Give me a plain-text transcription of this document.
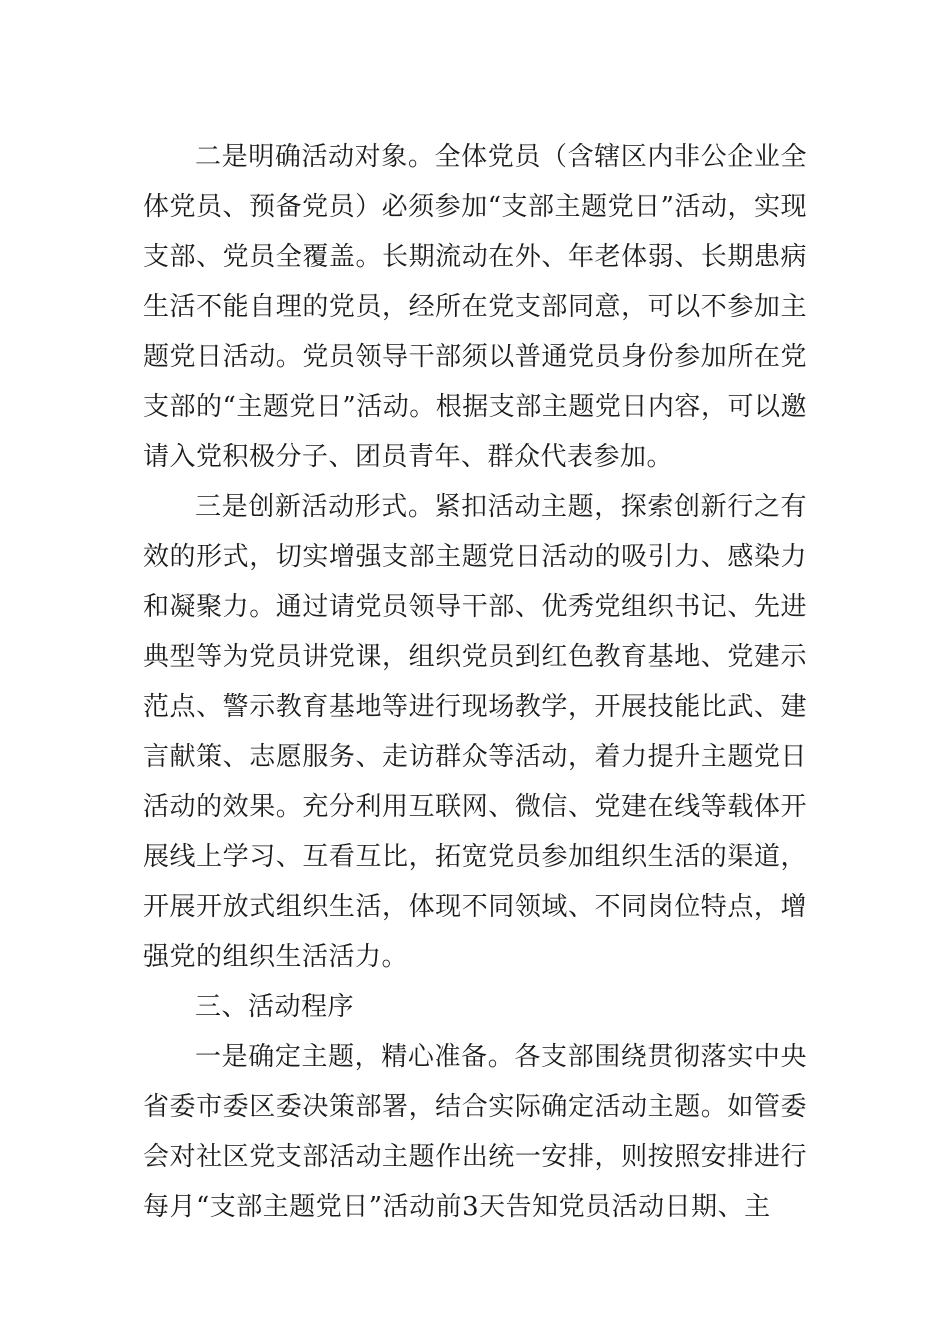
二是明确活动对象。全体党员（含辖区内非公企业全体党员、预备党员）必须参加“支部主题党日”活动，实现支部、党员全覆盖。长期流动在外、年老体弱、长期患病生活不能自理的党员，经所在党支部同意，可以不参加主题党日活动。党员领导干部须以普通党员身份参加所在党支部的“主题党日”活动。根据支部主题党日内容，可以邀请入党积极分子、团员青年、群众代表参加。

三是创新活动形式。紧扣活动主题，探索创新行之有效的形式，切实增强支部主题党日活动的吸引力、感染力和凝聚力。通过请党员领导干部、优秀党组织书记、先进典型等为党员讲党课，组织党员到红色教育基地、党建示范点、警示教育基地等进行现场教学，开展技能比武、建言献策、志愿服务、走访群众等活动，着力提升主题党日活动的效果。充分利用互联网、微信、党建在线等载体开展线上学习、互看互比，拓宽党员参加组织生活的渠道，开展开放式组织生活，体现不同领域、不同岗位特点，增强党的组织生活活力。

三、活动程序

一是确定主题，精心准备。各支部围绕贯彻落实中央省委市委区委决策部署，结合实际确定活动主题。如管委会对社区党支部活动主题作出统一安排，则按照安排进行每月“支部主题党日”活动前3天告知党员活动日期、主
